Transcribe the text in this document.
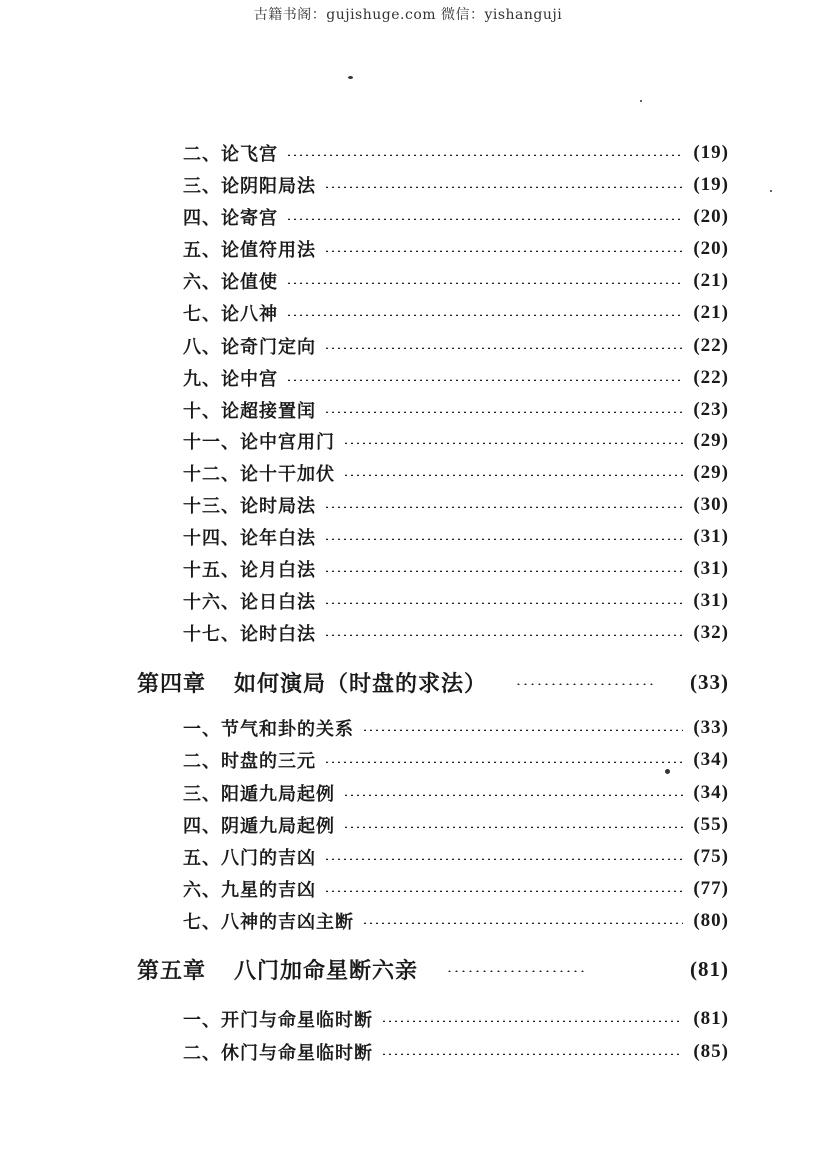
古籍书阁：gujishuge.com 微信：yishanguji
二、论飞宫	(19)
三、论阴阳局法	(19)
四、论寄宫	(20)
五、论值符用法	(20)
六、论值使	(21)
七、论八神	(21)
八、论奇门定向	(22)
九、论中宫	(22)
十、论超接置闰	(23)
十一、论中宫用门	(29)
十二、论十干加伏	(29)
十三、论时局法	(30)
十四、论年白法	(31)
十五、论月白法	(31)
十六、论日白法	(31)
十七、论时白法	(32)
第四章 如何演局（时盘的求法）	(33)
一、节气和卦的关系	(33)
二、时盘的三元	(34)
三、阳遁九局起例	(34)
四、阴遁九局起例	(55)
五、八门的吉凶	(75)
六、九星的吉凶	(77)
七、八神的吉凶主断	(80)
第五章 八门加命星断六亲	(81)
一、开门与命星临时断	(81)
二、休门与命星临时断	(85)
